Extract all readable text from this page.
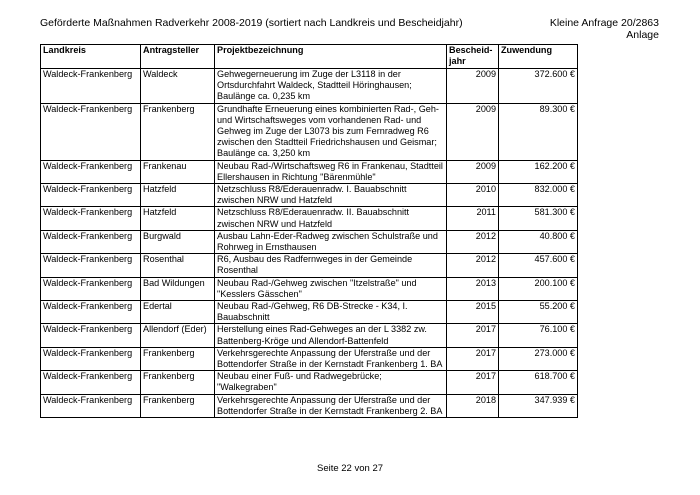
Geförderte Maßnahmen Radverkehr 2008-2019 (sortiert nach Landkreis und Bescheidjahr)	Kleine Anfrage 20/2863
Anlage
Landkreis	Antragsteller	Projektbezeichnung	Bescheid-jahr	Zuwendung
Waldeck-Frankenberg	Waldeck	Gehwegerneuerung im Zuge der L3118 in der Ortsdurchfahrt Waldeck, Stadtteil Höringhausen; Baulänge ca. 0,235 km	2009	372.600 €
Waldeck-Frankenberg	Frankenberg	Grundhafte Erneuerung eines kombinierten Rad-, Geh- und Wirtschaftsweges vom vorhandenen Rad- und Gehweg im Zuge der L3073 bis zum Fernradweg R6 zwischen den Stadtteil Friedrichshausen und Geismar; Baulänge ca. 3,250 km	2009	89.300 €
Waldeck-Frankenberg	Frankenau	Neubau Rad-/Wirtschaftsweg R6 in Frankenau, Stadtteil Ellershausen in Richtung "Bärenmühle"	2009	162.200 €
Waldeck-Frankenberg	Hatzfeld	Netzschluss R8/Ederauenradw. I. Bauabschnitt zwischen NRW und Hatzfeld	2010	832.000 €
Waldeck-Frankenberg	Hatzfeld	Netzschluss R8/Ederauenradw. II. Bauabschnitt zwischen NRW und Hatzfeld	2011	581.300 €
Waldeck-Frankenberg	Burgwald	Ausbau Lahn-Eder-Radweg zwischen Schulstraße und Rohrweg in Ernsthausen	2012	40.800 €
Waldeck-Frankenberg	Rosenthal	R6, Ausbau des Radfernweges in der Gemeinde Rosenthal	2012	457.600 €
Waldeck-Frankenberg	Bad Wildungen	Neubau Rad-/Gehweg zwischen "Itzelstraße" und "Kesslers Gässchen"	2013	200.100 €
Waldeck-Frankenberg	Edertal	Neubau Rad-/Gehweg, R6 DB-Strecke - K34, I. Bauabschnitt	2015	55.200 €
Waldeck-Frankenberg	Allendorf (Eder)	Herstellung eines Rad-Gehweges an der L 3382 zw. Battenberg-Kröge und Allendorf-Battenfeld	2017	76.100 €
Waldeck-Frankenberg	Frankenberg	Verkehrsgerechte Anpassung der Uferstraße und der Bottendorfer Straße in der Kernstadt Frankenberg 1. BA	2017	273.000 €
Waldeck-Frankenberg	Frankenberg	Neubau einer Fuß- und Radwegebrücke; "Walkegraben"	2017	618.700 €
Waldeck-Frankenberg	Frankenberg	Verkehrsgerechte Anpassung der Uferstraße und der Bottendorfer Straße in der Kernstadt Frankenberg 2. BA	2018	347.939 €
Seite 22 von 27
